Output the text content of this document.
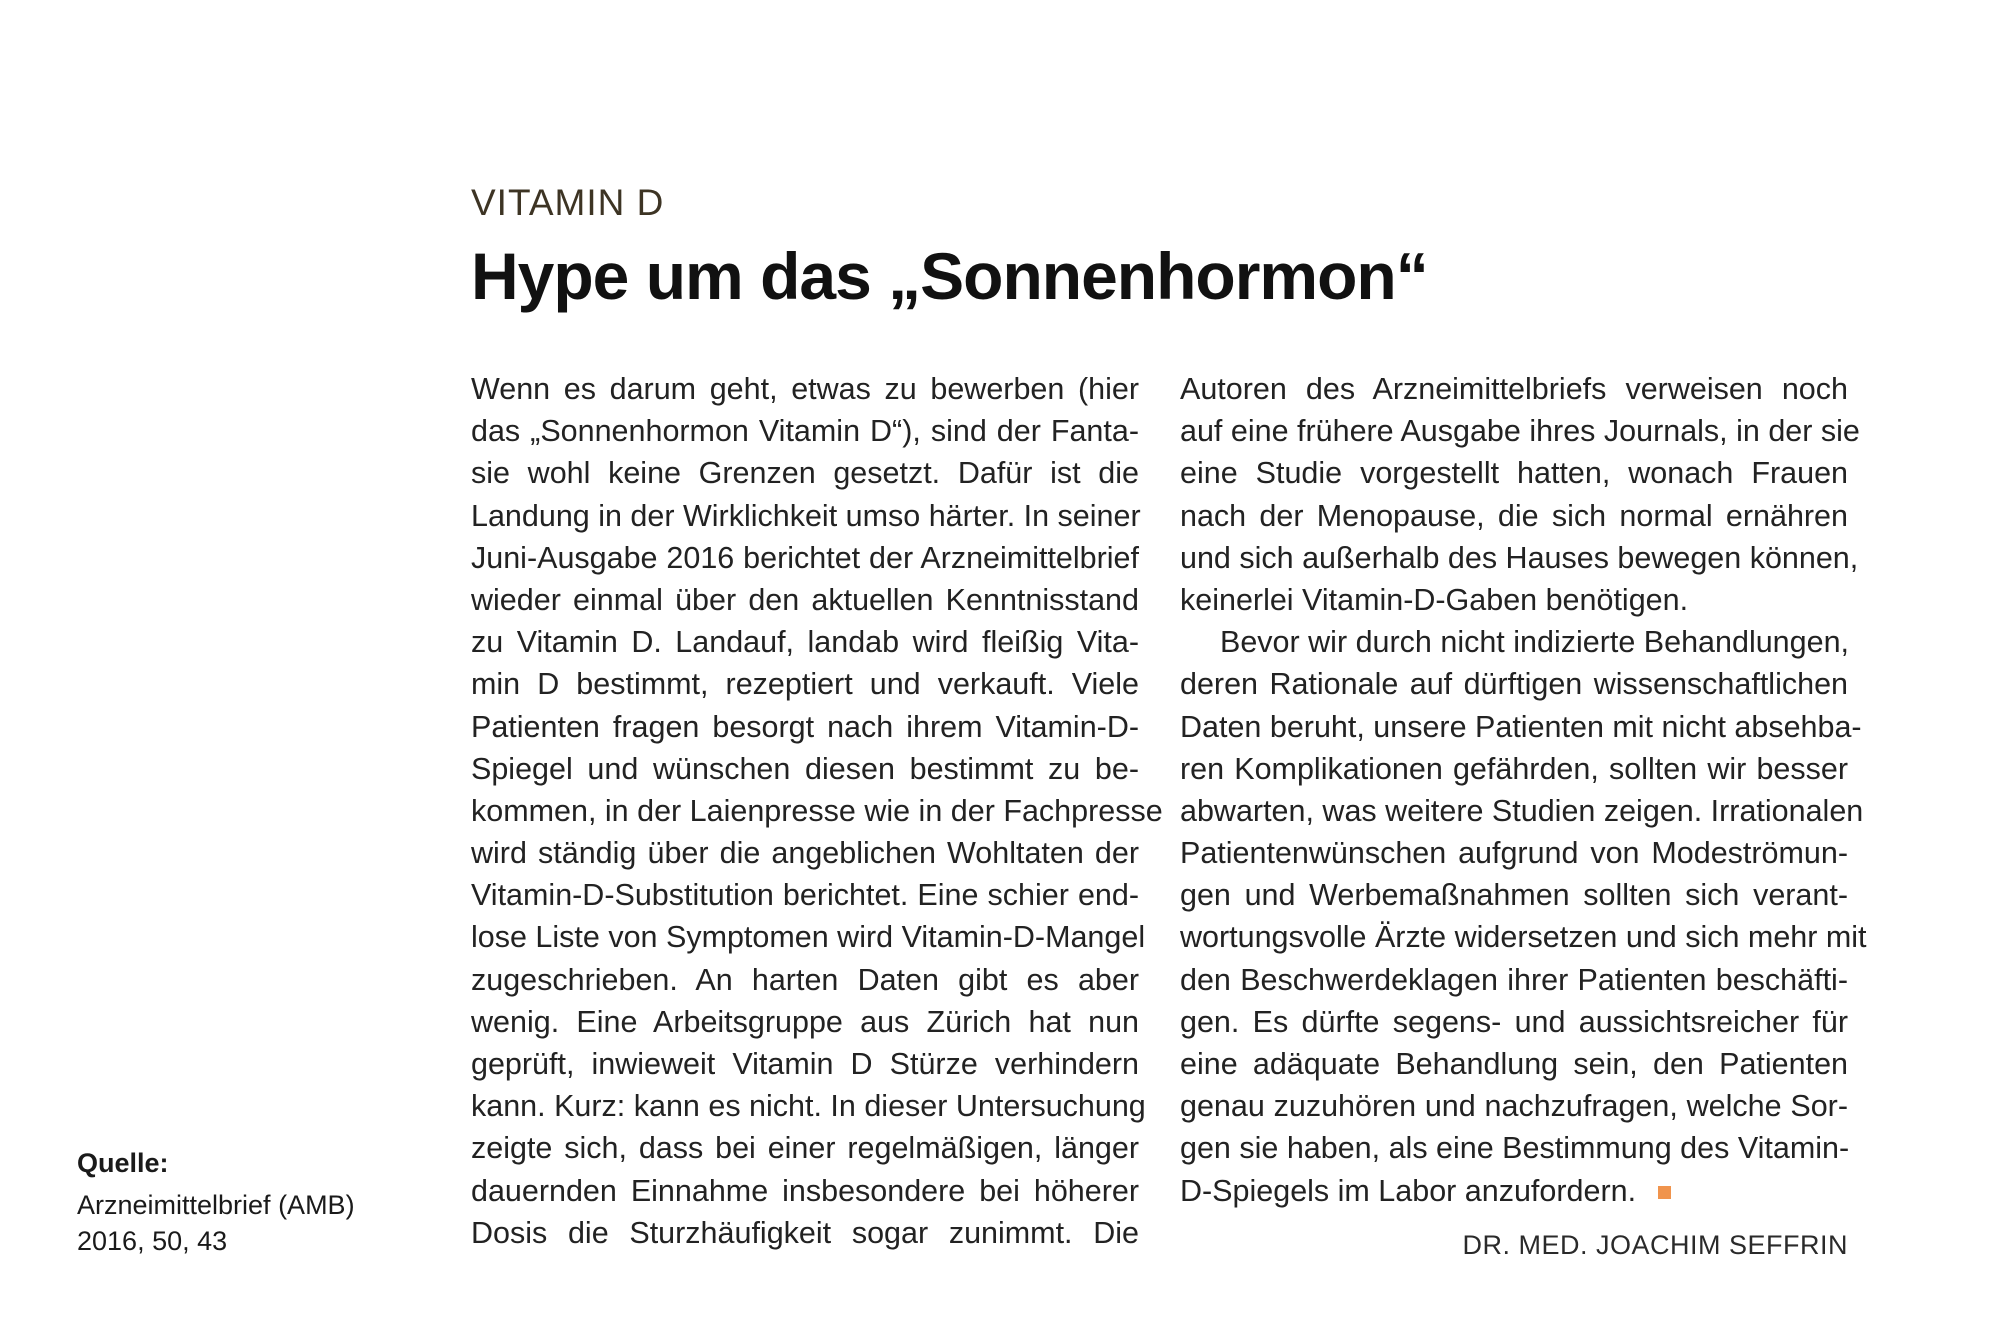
VITAMIN D
Hype um das „Sonnenhormon“
Wenn es darum geht, etwas zu bewerben (hier
das „Sonnenhormon Vitamin D“), sind der Fanta-
sie wohl keine Grenzen gesetzt. Dafür ist die
Landung in der Wirklichkeit umso härter. In seiner
Juni-Ausgabe 2016 berichtet der Arzneimittelbrief
wieder einmal über den aktuellen Kenntnisstand
zu Vitamin D. Landauf, landab wird fleißig Vita-
min D bestimmt, rezeptiert und verkauft. Viele
Patienten fragen besorgt nach ihrem Vitamin-D-
Spiegel und wünschen diesen bestimmt zu be-
kommen, in der Laienpresse wie in der Fachpresse
wird ständig über die angeblichen Wohltaten der
Vitamin-D-Substitution berichtet. Eine schier end-
lose Liste von Symptomen wird Vitamin-D-Mangel
zugeschrieben. An harten Daten gibt es aber
wenig. Eine Arbeitsgruppe aus Zürich hat nun
geprüft, inwieweit Vitamin D Stürze verhindern
kann. Kurz: kann es nicht. In dieser Untersuchung
zeigte sich, dass bei einer regelmäßigen, länger
dauernden Einnahme insbesondere bei höherer
Dosis die Sturzhäufigkeit sogar zunimmt. Die
Autoren des Arzneimittelbriefs verweisen noch
auf eine frühere Ausgabe ihres Journals, in der sie
eine Studie vorgestellt hatten, wonach Frauen
nach der Menopause, die sich normal ernähren
und sich außerhalb des Hauses bewegen können,
keinerlei Vitamin-D-Gaben benötigen.
Bevor wir durch nicht indizierte Behandlungen,
deren Rationale auf dürftigen wissenschaftlichen
Daten beruht, unsere Patienten mit nicht absehba-
ren Komplikationen gefährden, sollten wir besser
abwarten, was weitere Studien zeigen. Irrationalen
Patientenwünschen aufgrund von Modeströmun-
gen und Werbemaßnahmen sollten sich verant-
wortungsvolle Ärzte widersetzen und sich mehr mit
den Beschwerdeklagen ihrer Patienten beschäfti-
gen. Es dürfte segens- und aussichtsreicher für
eine adäquate Behandlung sein, den Patienten
genau zuzuhören und nachzufragen, welche Sor-
gen sie haben, als eine Bestimmung des Vitamin-
D-Spiegels im Labor anzufordern.
DR. MED. JOACHIM SEFFRIN
Quelle:
Arzneimittelbrief (AMB)
2016, 50, 43
